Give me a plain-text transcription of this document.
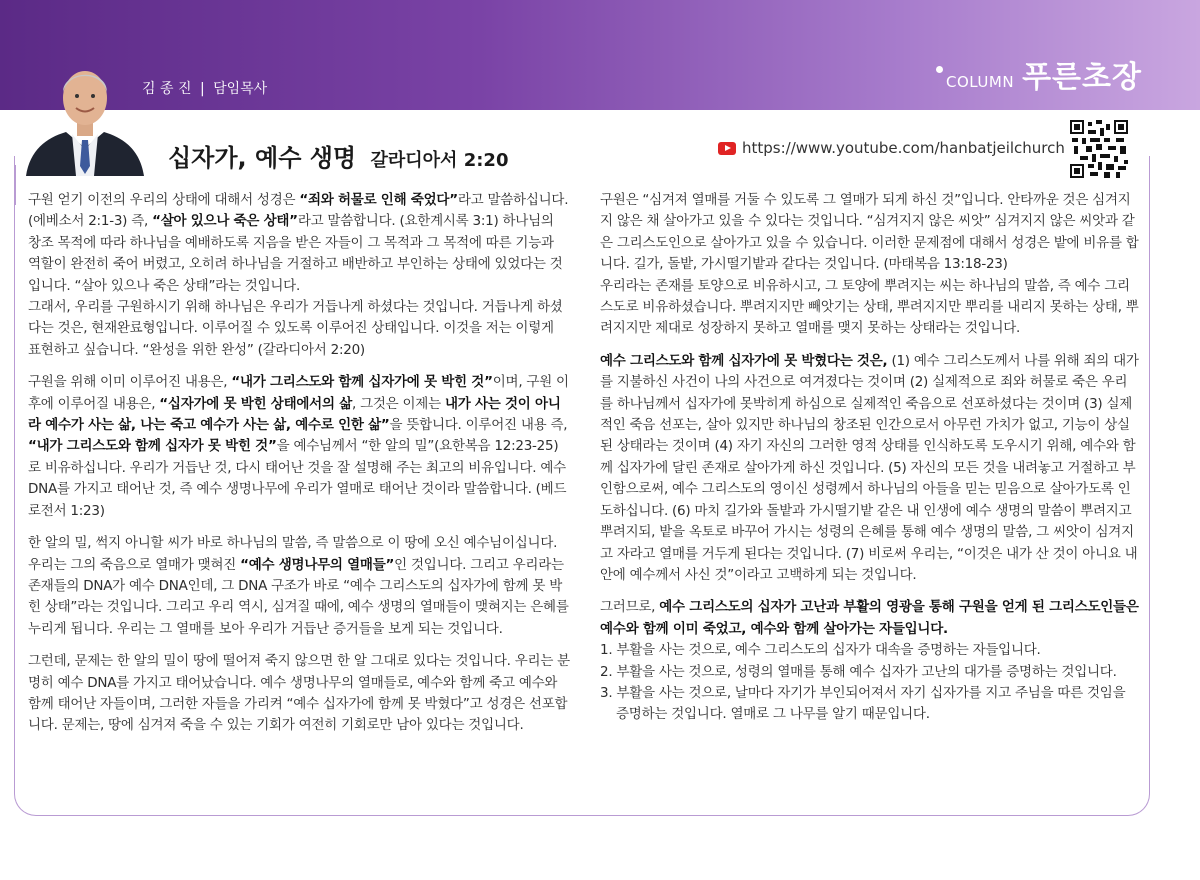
김 종 진 | 담임목사	COLUMN 푸른초장
십자가, 예수 생명 갈라디아서 2:20
https://www.youtube.com/hanbatjeilchurch

구원 얻기 이전의 우리의 상태에 대해서 성경은 “죄와 허물로 인해 죽었다”라고 말씀하십니다. (에베소서 2:1-3) 즉, “살아 있으나 죽은 상태”라고 말씀합니다. (요한계시록 3:1) 하나님의 창조 목적에 따라 하나님을 예배하도록 지음을 받은 자들이 그 목적과 그 목적에 따른 기능과 역할이 완전히 죽어 버렸고, 오히려 하나님을 거절하고 배반하고 부인하는 상태에 있었다는 것입니다. “살아 있으나 죽은 상태”라는 것입니다.
그래서, 우리를 구원하시기 위해 하나님은 우리가 거듭나게 하셨다는 것입니다. 거듭나게 하셨다는 것은, 현재완료형입니다. 이루어질 수 있도록 이루어진 상태입니다. 이것을 저는 이렇게 표현하고 싶습니다. “완성을 위한 완성” (갈라디아서 2:20)

구원을 위해 이미 이루어진 내용은, “내가 그리스도와 함께 십자가에 못 박힌 것”이며, 구원 이후에 이루어질 내용은, “십자가에 못 박힌 상태에서의 삶, 그것은 이제는 내가 사는 것이 아니라 예수가 사는 삶, 나는 죽고 예수가 사는 삶, 예수로 인한 삶”을 뜻합니다. 이루어진 내용 즉, “내가 그리스도와 함께 십자가 못 박힌 것”을 예수님께서 “한 알의 밀”(요한복음 12:23-25)로 비유하십니다. 우리가 거듭난 것, 다시 태어난 것을 잘 설명해 주는 최고의 비유입니다. 예수 DNA를 가지고 태어난 것, 즉 예수 생명나무에 우리가 열매로 태어난 것이라 말씀합니다. (베드로전서 1:23)

한 알의 밀, 썩지 아니할 씨가 바로 하나님의 말씀, 즉 말씀으로 이 땅에 오신 예수님이십니다. 우리는 그의 죽음으로 열매가 맺혀진 “예수 생명나무의 열매들”인 것입니다. 그리고 우리라는 존재들의 DNA가 예수 DNA인데, 그 DNA 구조가 바로 “예수 그리스도의 십자가에 함께 못 박힌 상태”라는 것입니다. 그리고 우리 역시, 심겨질 때에, 예수 생명의 열매들이 맺혀지는 은혜를 누리게 됩니다. 우리는 그 열매를 보아 우리가 거듭난 증거들을 보게 되는 것입니다.

그런데, 문제는 한 알의 밀이 땅에 떨어져 죽지 않으면 한 알 그대로 있다는 것입니다. 우리는 분명히 예수 DNA를 가지고 태어났습니다. 예수 생명나무의 열매들로, 예수와 함께 죽고 예수와 함께 태어난 자들이며, 그러한 자들을 가리켜 “예수 십자가에 함께 못 박혔다”고 성경은 선포합니다. 문제는, 땅에 심겨져 죽을 수 있는 기회가 여전히 기회로만 남아 있다는 것입니다.

구원은 “심겨져 열매를 거둘 수 있도록 그 열매가 되게 하신 것”입니다. 안타까운 것은 심겨지지 않은 채 살아가고 있을 수 있다는 것입니다. “심겨지지 않은 씨앗” 심겨지지 않은 씨앗과 같은 그리스도인으로 살아가고 있을 수 있습니다. 이러한 문제점에 대해서 성경은 밭에 비유를 합니다. 길가, 돌밭, 가시떨기밭과 같다는 것입니다. (마태복음 13:18-23)
우리라는 존재를 토양으로 비유하시고, 그 토양에 뿌려지는 씨는 하나님의 말씀, 즉 예수 그리스도로 비유하셨습니다. 뿌려지지만 빼앗기는 상태, 뿌려지지만 뿌리를 내리지 못하는 상태, 뿌려지지만 제대로 성장하지 못하고 열매를 맺지 못하는 상태라는 것입니다.

예수 그리스도와 함께 십자가에 못 박혔다는 것은, (1) 예수 그리스도께서 나를 위해 죄의 대가를 지불하신 사건이 나의 사건으로 여겨졌다는 것이며 (2) 실제적으로 죄와 허물로 죽은 우리를 하나님께서 십자가에 못박히게 하심으로 실제적인 죽음으로 선포하셨다는 것이며 (3) 실제적인 죽음 선포는, 살아 있지만 하나님의 창조된 인간으로서 아무런 가치가 없고, 기능이 상실된 상태라는 것이며 (4) 자기 자신의 그러한 영적 상태를 인식하도록 도우시기 위해, 예수와 함께 십자가에 달린 존재로 살아가게 하신 것입니다. (5) 자신의 모든 것을 내려놓고 거절하고 부인함으로써, 예수 그리스도의 영이신 성령께서 하나님의 아들을 믿는 믿음으로 살아가도록 인도하십니다. (6) 마치 길가와 돌밭과 가시떨기밭 같은 내 인생에 예수 생명의 말씀이 뿌려지고 뿌려지되, 밭을 옥토로 바꾸어 가시는 성령의 은혜를 통해 예수 생명의 말씀, 그 씨앗이 심겨지고 자라고 열매를 거두게 된다는 것입니다. (7) 비로써 우리는, “이것은 내가 산 것이 아니요 내 안에 예수께서 사신 것”이라고 고백하게 되는 것입니다.

그러므로, 예수 그리스도의 십자가 고난과 부활의 영광을 통해 구원을 얻게 된 그리스도인들은 예수와 함께 이미 죽었고, 예수와 함께 살아가는 자들입니다.

1. 부활을 사는 것으로, 예수 그리스도의 십자가 대속을 증명하는 자들입니다.
2. 부활을 사는 것으로, 성령의 열매를 통해 예수 십자가 고난의 대가를 증명하는 것입니다.
3. 부활을 사는 것으로, 날마다 자기가 부인되어져서 자기 십자가를 지고 주님을 따른 것임을 증명하는 것입니다. 열매로 그 나무를 알기 때문입니다.
